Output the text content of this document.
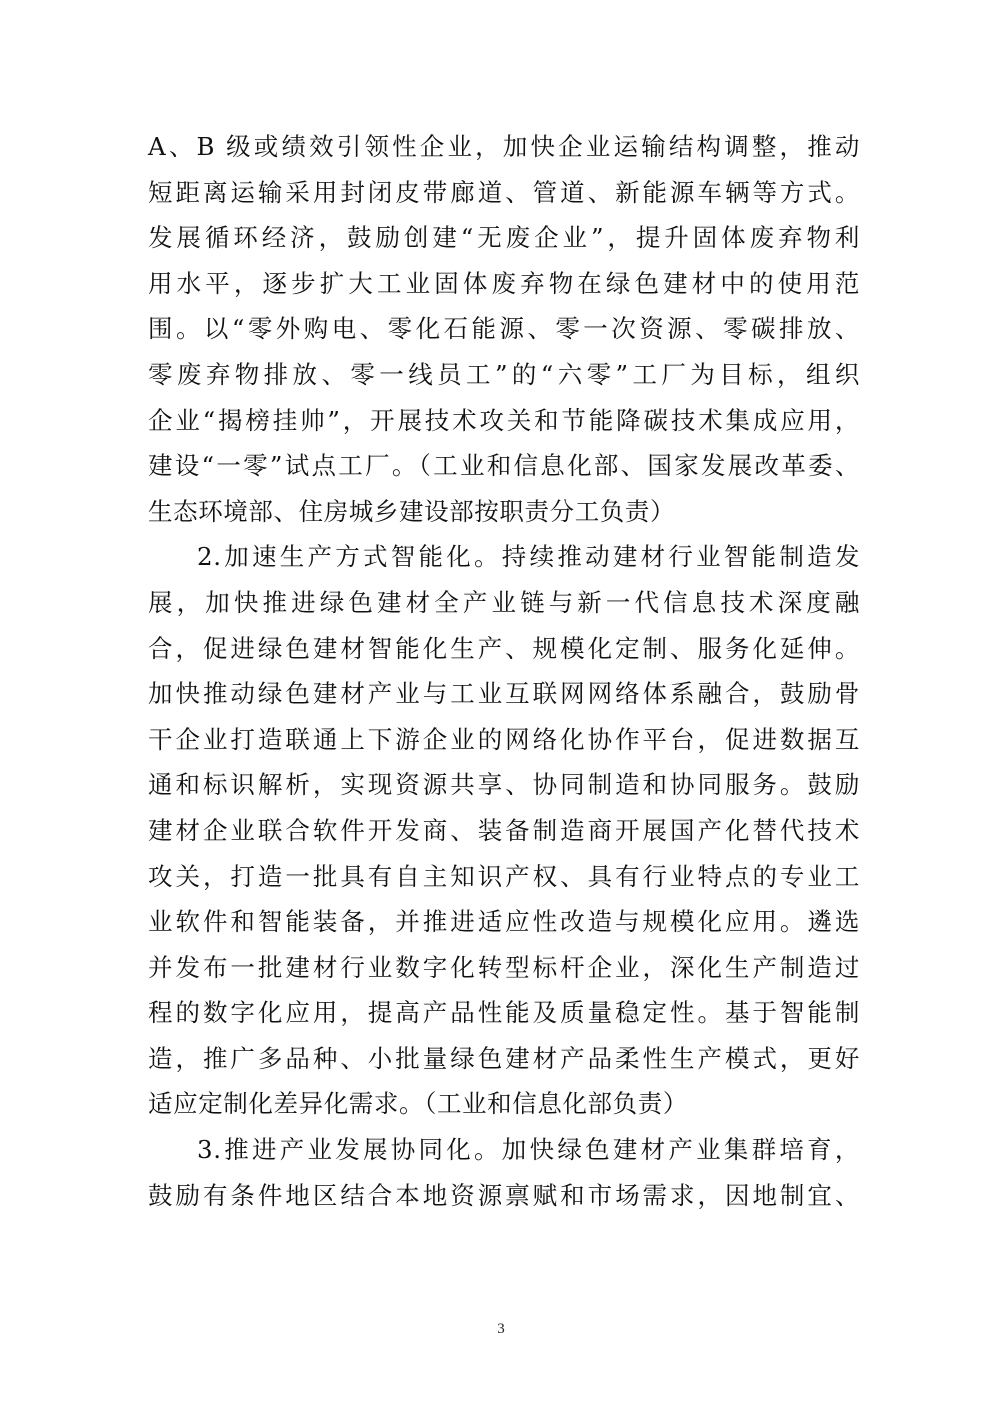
A、B 级或绩效引领性企业，加快企业运输结构调整，推动
短距离运输采用封闭皮带廊道、管道、新能源车辆等方式。
发展循环经济，鼓励创建“无废企业”，提升固体废弃物利
用水平，逐步扩大工业固体废弃物在绿色建材中的使用范
围。以“零外购电、零化石能源、零一次资源、零碳排放、
零废弃物排放、零一线员工”的“六零”工厂为目标，组织
企业“揭榜挂帅”，开展技术攻关和节能降碳技术集成应用，
建设“一零”试点工厂。（工业和信息化部、国家发展改革委、
生态环境部、住房城乡建设部按职责分工负责）
2.加速生产方式智能化。持续推动建材行业智能制造发
展，加快推进绿色建材全产业链与新一代信息技术深度融
合，促进绿色建材智能化生产、规模化定制、服务化延伸。
加快推动绿色建材产业与工业互联网网络体系融合，鼓励骨
干企业打造联通上下游企业的网络化协作平台，促进数据互
通和标识解析，实现资源共享、协同制造和协同服务。鼓励
建材企业联合软件开发商、装备制造商开展国产化替代技术
攻关，打造一批具有自主知识产权、具有行业特点的专业工
业软件和智能装备，并推进适应性改造与规模化应用。遴选
并发布一批建材行业数字化转型标杆企业，深化生产制造过
程的数字化应用，提高产品性能及质量稳定性。基于智能制
造，推广多品种、小批量绿色建材产品柔性生产模式，更好
适应定制化差异化需求。（工业和信息化部负责）
3.推进产业发展协同化。加快绿色建材产业集群培育，
鼓励有条件地区结合本地资源禀赋和市场需求，因地制宜、
3
